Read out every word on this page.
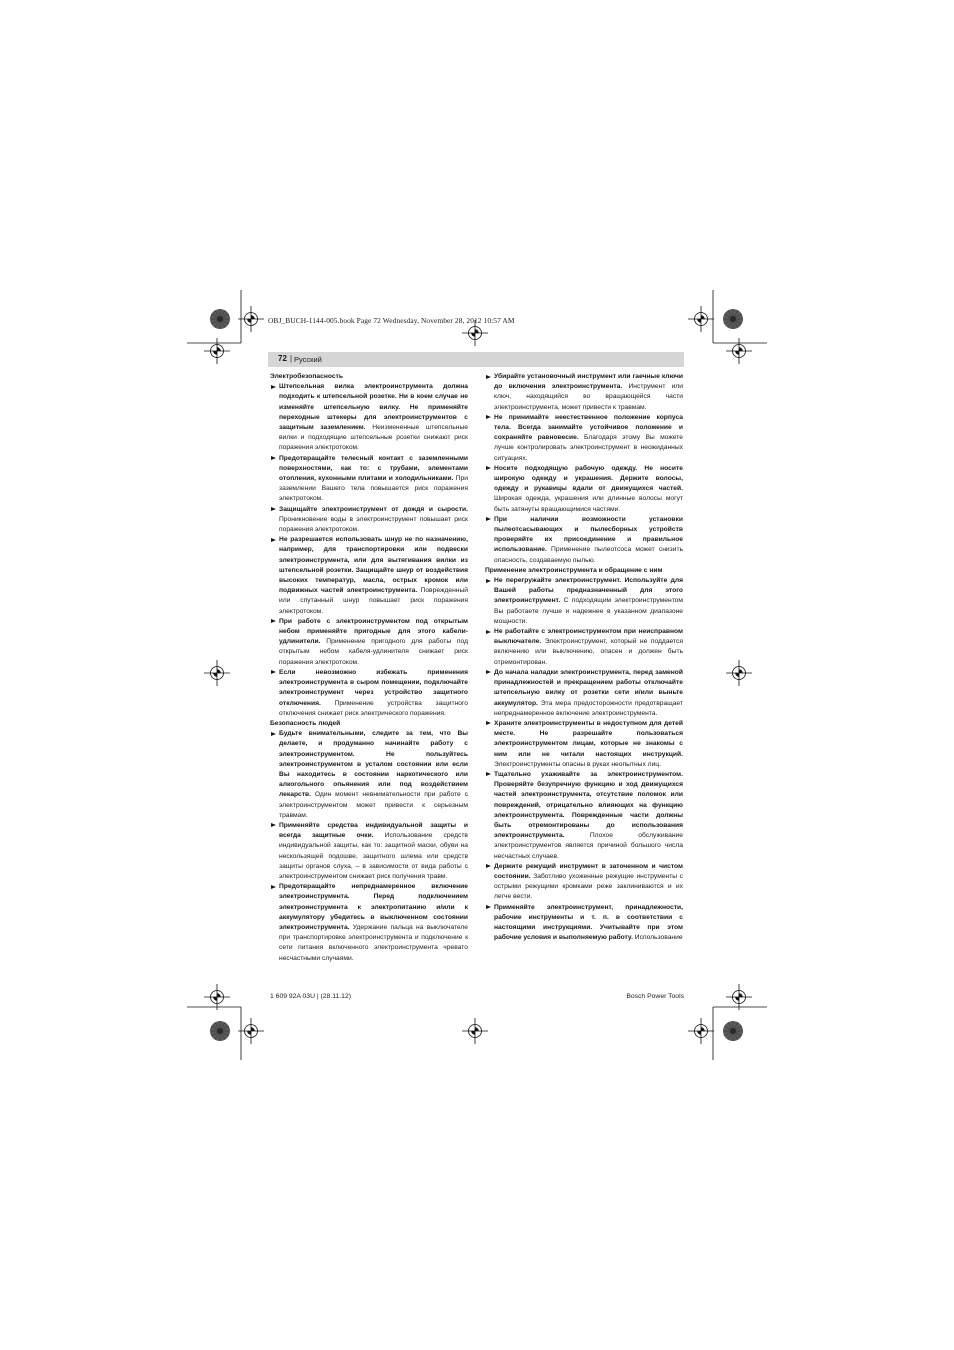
OBJ_BUCH-1144-005.book Page 72 Wednesday, November 28, 2012 10:57 AM
72 | Русский

Электробезопасность

Штепсельная вилка электроинструмента должна подходить к штепсельной розетке. Ни в коем случае не изменяйте штепсельную вилку. Не применяйте переходные штекеры для электроинструментов с защитным заземлением. Неизмененные штепсельные вилки и подходящие штепсельные розетки снижают риск поражения электротоком.

Предотвращайте телесный контакт с заземленными поверхностями, как то: с трубами, элементами отопления, кухонными плитами и холодильниками. При заземлении Вашего тела повышается риск поражения электротоком.

Защищайте электроинструмент от дождя и сырости. Проникновение воды в электроинструмент повышает риск поражения электротоком.

Не разрешается использовать шнур не по назначению, например, для транспортировки или подвески электроинструмента, или для вытягивания вилки из штепсельной розетки. Защищайте шнур от воздействия высоких температур, масла, острых кромок или подвижных частей электроинструмента. Поврежденный или спутанный шнур повышает риск поражения электротоком.

При работе с электроинструментом под открытым небом применяйте пригодные для этого кабели-удлинители. Применение пригодного для работы под открытым небом кабеля-удлинителя снижает риск поражения электротоком.

Если невозможно избежать применения электроинструмента в сыром помещении, подключайте электроинструмент через устройство защитного отключения. Применение устройства защитного отключения снижает риск электрического поражения.

Безопасность людей

Будьте внимательными, следите за тем, что Вы делаете, и продуманно начинайте работу с электроинструментом. Не пользуйтесь электроинструментом в усталом состоянии или если Вы находитесь в состоянии наркотического или алкогольного опьянения или под воздействием лекарств. Один момент невнимательности при работе с электроинструментом может привести к серьезным травмам.

Применяйте средства индивидуальной защиты и всегда защитные очки. Использование средств индивидуальной защиты, как то: защитной маски, обуви на нескользящей подошве, защитного шлема или средств защиты органов слуха, – в зависимости от вида работы с электроинструментом снижает риск получения травм.

Предотвращайте непреднамеренное включение электроинструмента. Перед подключением электроинструмента к электропитанию и/или к аккумулятору убедитесь в выключенном состоянии электроинструмента. Удержание пальца на выключателе при транспортировке электроинструмента и подключение к сети питания включенного электроинструмента чревато несчастными случаями.

Убирайте установочный инструмент или гаечные ключи до включения электроинструмента. Инструмент или ключ, находящийся во вращающейся части электроинструмента, может привести к травмам.

Не принимайте неестественное положение корпуса тела. Всегда занимайте устойчивое положение и сохраняйте равновесие. Благодаря этому Вы можете лучше контролировать электроинструмент в неожиданных ситуациях.

Носите подходящую рабочую одежду. Не носите широкую одежду и украшения. Держите волосы, одежду и рукавицы вдали от движущихся частей. Широкая одежда, украшения или длинные волосы могут быть затянуты вращающимися частями.

При наличии возможности установки пылеотсасывающих и пылесборных устройств проверяйте их присоединение и правильное использование. Применение пылеотсоса может снизить опасность, создаваемую пылью.

Применение электроинструмента и обращение с ним

Не перегружайте электроинструмент. Используйте для Вашей работы предназначенный для этого электроинструмент. С подходящим электроинструментом Вы работаете лучше и надежнее в указанном диапазоне мощности.

Не работайте с электроинструментом при неисправном выключателе. Электроинструмент, который не поддается включению или выключению, опасен и должен быть отремонтирован.

До начала наладки электроинструмента, перед заменой принадлежностей и прекращением работы отключайте штепсельную вилку от розетки сети и/или выньте аккумулятор. Эта мера предосторожности предотвращает непреднамеренное включение электроинструмента.

Храните электроинструменты в недоступном для детей месте. Не разрешайте пользоваться электроинструментом лицам, которые не знакомы с ним или не читали настоящих инструкций. Электроинструменты опасны в руках неопытных лиц.

Тщательно ухаживайте за электроинструментом. Проверяйте безупречную функцию и ход движущихся частей электроинструмента, отсутствие поломок или повреждений, отрицательно влияющих на функцию электроинструмента. Поврежденные части должны быть отремонтированы до использования электроинструмента. Плохое обслуживание электроинструментов является причиной большого числа несчастных случаев.

Держите режущий инструмент в заточенном и чистом состоянии. Заботливо ухоженные режущие инструменты с острыми режущими кромками реже заклиниваются и их легче вести.

Применяйте электроинструмент, принадлежности, рабочие инструменты и т. п. в соответствии с настоящими инструкциями. Учитывайте при этом рабочие условия и выполняемую работу. Использование

1 609 92A 03U | (28.11.12)	Bosch Power Tools
